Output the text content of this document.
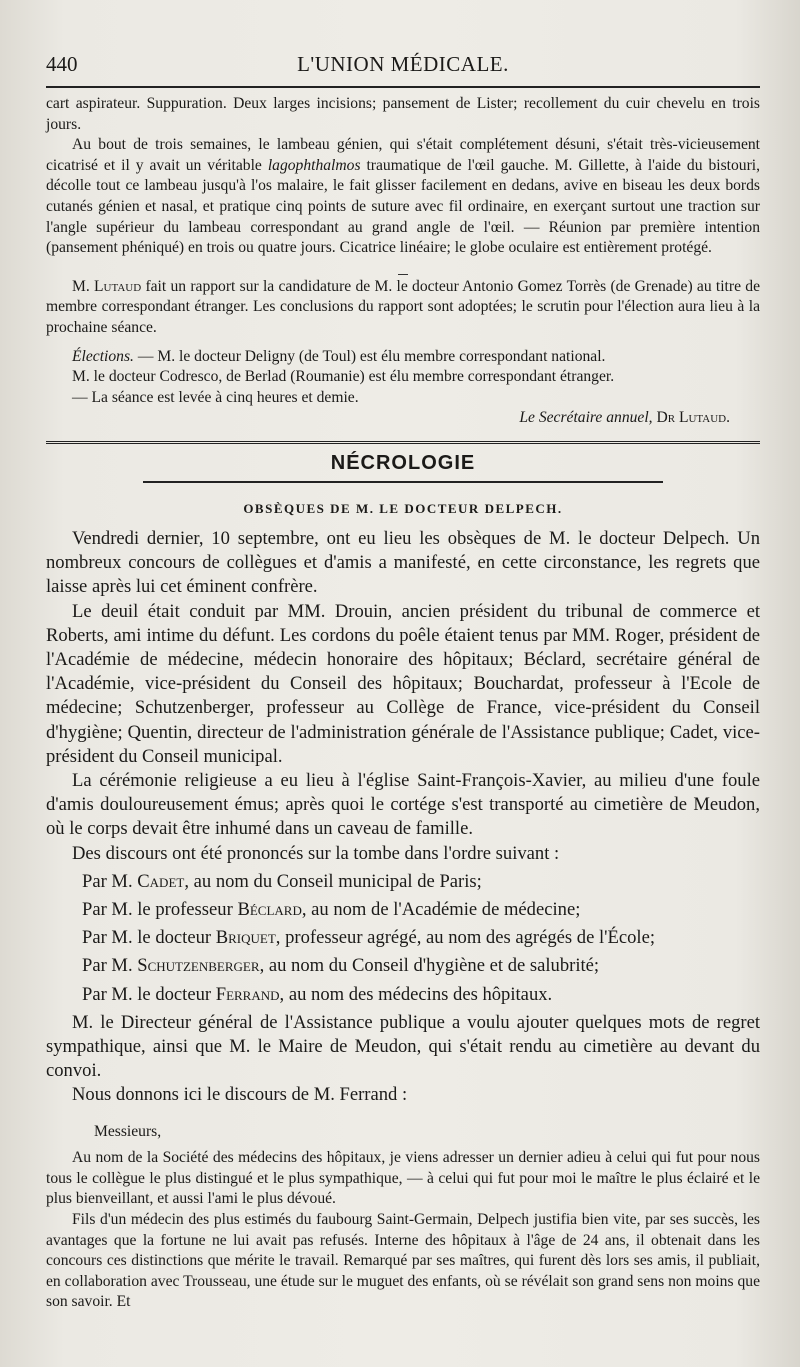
440	L'UNION MÉDICALE.

cart aspirateur. Suppuration. Deux larges incisions; pansement de Lister; recollement du cuir chevelu en trois jours.

Au bout de trois semaines, le lambeau génien, qui s'était complétement désuni, s'était très-vicieusement cicatrisé et il y avait un véritable lagophthalmos traumatique de l'œil gauche. M. Gillette, à l'aide du bistouri, décolle tout ce lambeau jusqu'à l'os malaire, le fait glisser facilement en dedans, avive en biseau les deux bords cutanés génien et nasal, et pratique cinq points de suture avec fil ordinaire, en exerçant surtout une traction sur l'angle supérieur du lambeau correspondant au grand angle de l'œil. — Réunion par première intention (pansement phéniqué) en trois ou quatre jours. Cicatrice linéaire; le globe oculaire est entièrement protégé.

M. Lutaud fait un rapport sur la candidature de M. le docteur Antonio Gomez Torrès (de Grenade) au titre de membre correspondant étranger. Les conclusions du rapport sont adoptées; le scrutin pour l'élection aura lieu à la prochaine séance.

Élections. — M. le docteur Deligny (de Toul) est élu membre correspondant national.

M. le docteur Codresco, de Berlad (Roumanie) est élu membre correspondant étranger.

— La séance est levée à cinq heures et demie.

Le Secrétaire annuel, Dr Lutaud.

NÉCROLOGIE
OBSÈQUES DE M. LE DOCTEUR DELPECH.

Vendredi dernier, 10 septembre, ont eu lieu les obsèques de M. le docteur Delpech. Un nombreux concours de collègues et d'amis a manifesté, en cette circonstance, les regrets que laisse après lui cet éminent confrère.

Le deuil était conduit par MM. Drouin, ancien président du tribunal de commerce et Roberts, ami intime du défunt. Les cordons du poêle étaient tenus par MM. Roger, président de l'Académie de médecine, médecin honoraire des hôpitaux; Béclard, secrétaire général de l'Académie, vice-président du Conseil des hôpitaux; Bouchardat, professeur à l'Ecole de médecine; Schutzenberger, professeur au Collège de France, vice-président du Conseil d'hygiène; Quentin, directeur de l'administration générale de l'Assistance publique; Cadet, vice-président du Conseil municipal.

La cérémonie religieuse a eu lieu à l'église Saint-François-Xavier, au milieu d'une foule d'amis douloureusement émus; après quoi le cortége s'est transporté au cimetière de Meudon, où le corps devait être inhumé dans un caveau de famille.

Des discours ont été prononcés sur la tombe dans l'ordre suivant :

Par M. Cadet, au nom du Conseil municipal de Paris;

Par M. le professeur Béclard, au nom de l'Académie de médecine;

Par M. le docteur Briquet, professeur agrégé, au nom des agrégés de l'École;

Par M. Schutzenberger, au nom du Conseil d'hygiène et de salubrité;

Par M. le docteur Ferrand, au nom des médecins des hôpitaux.

M. le Directeur général de l'Assistance publique a voulu ajouter quelques mots de regret sympathique, ainsi que M. le Maire de Meudon, qui s'était rendu au cimetière au devant du convoi.

Nous donnons ici le discours de M. Ferrand :

Messieurs,

Au nom de la Société des médecins des hôpitaux, je viens adresser un dernier adieu à celui qui fut pour nous tous le collègue le plus distingué et le plus sympathique, — à celui qui fut pour moi le maître le plus éclairé et le plus bienveillant, et aussi l'ami le plus dévoué.

Fils d'un médecin des plus estimés du faubourg Saint-Germain, Delpech justifia bien vite, par ses succès, les avantages que la fortune ne lui avait pas refusés. Interne des hôpitaux à l'âge de 24 ans, il obtenait dans les concours ces distinctions que mérite le travail. Remarqué par ses maîtres, qui furent dès lors ses amis, il publiait, en collaboration avec Trousseau, une étude sur le muguet des enfants, où se révélait son grand sens non moins que son savoir. Et
